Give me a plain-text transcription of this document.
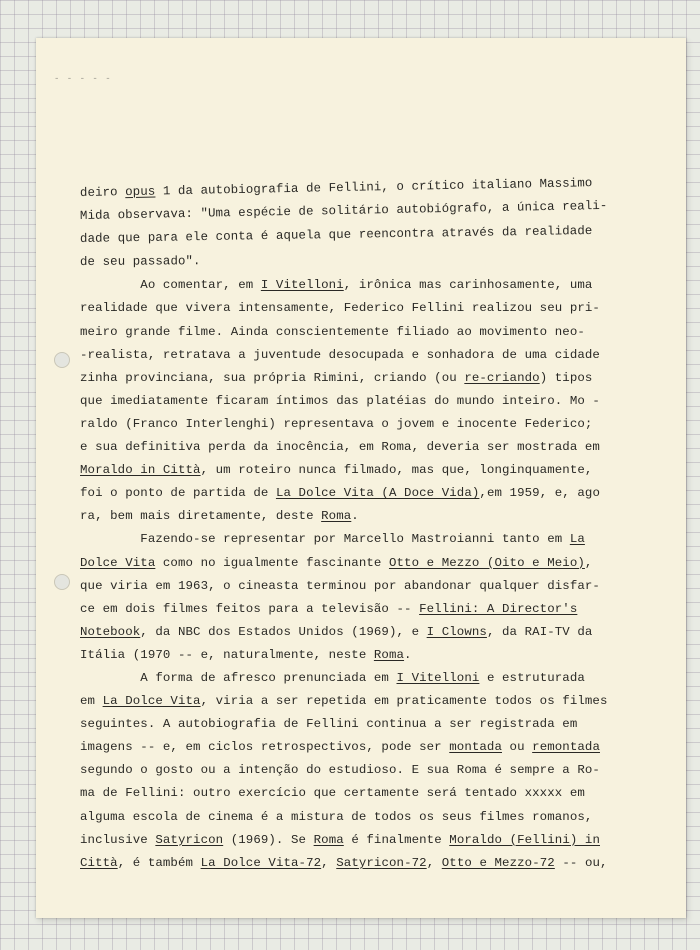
- - - - -
deiro opus 1 da autobiografia de Fellini, o crítico italiano Massimo
Mida observava: "Uma espécie de solitário autobiógrafo, a única reali-
dade que para ele conta é aquela que reencontra através da realidade
de seu passado".
Ao comentar, em I Vitelloni, irônica mas carinhosamente, uma
realidade que vivera intensamente, Federico Fellini realizou seu pri-
meiro grande filme. Ainda conscientemente filiado ao movimento neo-
-realista, retratava a juventude desocupada e sonhadora de uma cidade
zinha provinciana, sua própria Rimini, criando (ou re-criando) tipos
que imediatamente ficaram íntimos das platéias do mundo inteiro. Mo -
raldo (Franco Interlenghi) representava o jovem e inocente Federico;
e sua definitiva perda da inocência, em Roma, deveria ser mostrada em
Moraldo in Città, um roteiro nunca filmado, mas que, longinquamente,
foi o ponto de partida de La Dolce Vita (A Doce Vida),em 1959, e, ago
ra, bem mais diretamente, deste Roma.
Fazendo-se representar por Marcello Mastroianni tanto em La
Dolce Vita como no igualmente fascinante Otto e Mezzo (Oito e Meio),
que viria em 1963, o cineasta terminou por abandonar qualquer disfar-
ce em dois filmes feitos para a televisão -- Fellini: A Director's
Notebook, da NBC dos Estados Unidos (1969), e I Clowns, da RAI-TV da
Itália (1970 -- e, naturalmente, neste Roma.
A forma de afresco prenunciada em I Vitelloni e estruturada
em La Dolce Vita, viria a ser repetida em praticamente todos os filmes
seguintes. A autobiografia de Fellini continua a ser registrada em
imagens -- e, em ciclos retrospectivos, pode ser montada ou remontada
segundo o gosto ou a intenção do estudioso. E sua Roma é sempre a Ro-
ma de Fellini: outro exercício que certamente será tentado xxxxx em
alguma escola de cinema é a mistura de todos os seus filmes romanos,
inclusive Satyricon (1969). Se Roma é finalmente Moraldo (Fellini) in
Città, é também La Dolce Vita-72, Satyricon-72, Otto e Mezzo-72 -- ou,
